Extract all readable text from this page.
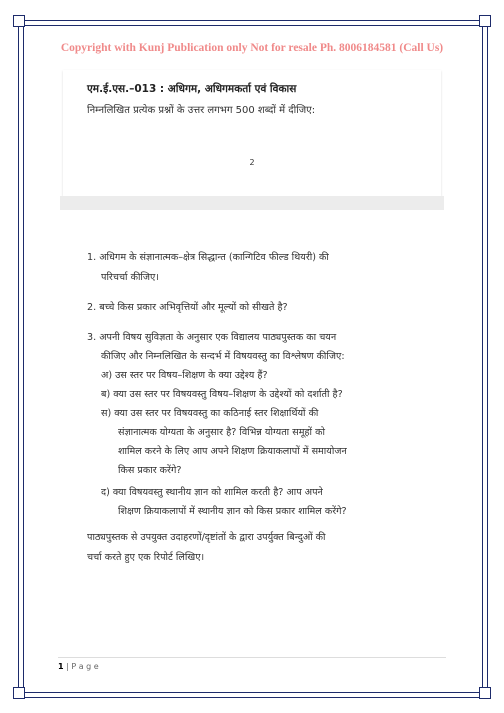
Copyright with Kunj Publication only Not for resale Ph. 8006184581 (Call Us)
एम.ई.एस.–013 : अधिगम, अधिगमकर्ता एवं विकास
निम्नलिखित प्रत्येक प्रश्नों के उत्तर लगभग 500 शब्दों में दीजिए:
2
1. अधिगम के संज्ञानात्मक–क्षेत्र सिद्धान्त (कान्गिटिव फील्ड थियरी) की
परिचर्चा कीजिए।
2. बच्चे किस प्रकार अभिवृत्तियों और मूल्यों को सीखते है?
3. अपनी विषय सुविज्ञता के अनुसार एक विद्यालय पाठ्यपुस्तक का चयन
कीजिए और निम्नलिखित के सन्दर्भ में विषयवस्तु का विश्लेषण कीजिए:
अ) उस स्तर पर विषय–शिक्षण के क्या उद्देश्य हैं?
ब) क्या उस स्तर पर विषयवस्तु विषय–शिक्षण के उद्देश्यों को दर्शाती है?
स) क्या उस स्तर पर विषयवस्तु का कठिनाई स्तर शिक्षार्थियों की
संज्ञानात्मक योग्यता के अनुसार है? विभिन्न योग्यता समूहों को
शामिल करने के लिए आप अपने शिक्षण क्रियाकलापों में समायोजन
किस प्रकार करेंगे?
द) क्या विषयवस्तु स्थानीय ज्ञान को शामिल करती है? आप अपने
शिक्षण क्रियाकलापों में स्थानीय ज्ञान को किस प्रकार शामिल करेंगे?
पाठ्यपुस्तक से उपयुक्त उदाहरणों/दृष्टांतों के द्वारा उपर्युक्त बिन्दुओं की
चर्चा करते हुए एक रिपोर्ट लिखिए।
1 | P a g e
